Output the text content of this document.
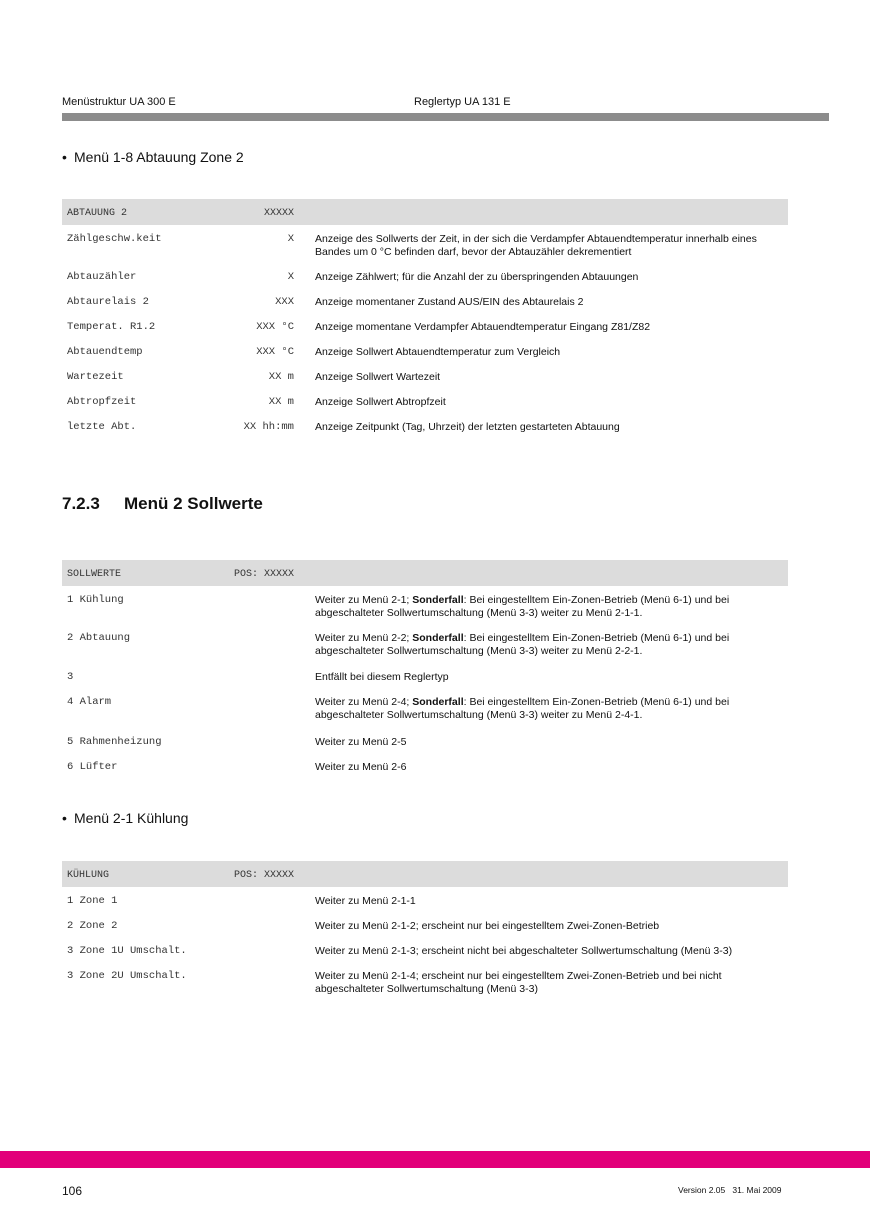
Menüstruktur UA 300 E	Reglertyp UA 131 E
• Menü 1-8 Abtauung Zone 2
ABTAUUNG 2	XXXXX
Zählgeschw.keit	X Anzeige des Sollwerts der Zeit, in der sich die Verdampfer Abtauendtemperatur innerhalb eines Bandes um 0 °C befinden darf, bevor der Abtauzähler dekrementiert
Abtauzähler	X Anzeige Zählwert; für die Anzahl der zu überspringenden Abtauungen
Abtaurelais 2	XXX Anzeige momentaner Zustand AUS/EIN des Abtaurelais 2
Temperat. R1.2	XXX °C Anzeige momentane Verdampfer Abtauendtemperatur Eingang Z81/Z82
Abtauendtemp	XXX °C Anzeige Sollwert Abtauendtemperatur zum Vergleich
Wartezeit	XX m Anzeige Sollwert Wartezeit
Abtropfzeit	XX m Anzeige Sollwert Abtropfzeit
letzte Abt.	XX hh:mm Anzeige Zeitpunkt (Tag, Uhrzeit) der letzten gestarteten Abtauung
7.2.3 Menü 2 Sollwerte
SOLLWERTE	POS: XXXXX
1 Kühlung	Weiter zu Menü 2-1; Sonderfall: Bei eingestelltem Ein-Zonen-Betrieb (Menü 6-1) und bei abgeschalteter Sollwertumschaltung (Menü 3-3) weiter zu Menü 2-1-1.
2 Abtauung	Weiter zu Menü 2-2; Sonderfall: Bei eingestelltem Ein-Zonen-Betrieb (Menü 6-1) und bei abgeschalteter Sollwertumschaltung (Menü 3-3) weiter zu Menü 2-2-1.
3	Entfällt bei diesem Reglertyp
4 Alarm	Weiter zu Menü 2-4; Sonderfall: Bei eingestelltem Ein-Zonen-Betrieb (Menü 6-1) und bei abgeschalteter Sollwertumschaltung (Menü 3-3) weiter zu Menü 2-4-1.
5 Rahmenheizung	Weiter zu Menü 2-5
6 Lüfter	Weiter zu Menü 2-6
• Menü 2-1 Kühlung
KÜHLUNG	POS: XXXXX
1 Zone 1	Weiter zu Menü 2-1-1
2 Zone 2	Weiter zu Menü 2-1-2; erscheint nur bei eingestelltem Zwei-Zonen-Betrieb
3 Zone 1U Umschalt.	Weiter zu Menü 2-1-3; erscheint nicht bei abgeschalteter Sollwertumschaltung (Menü 3-3)
3 Zone 2U Umschalt.	Weiter zu Menü 2-1-4; erscheint nur bei eingestelltem Zwei-Zonen-Betrieb und bei nicht abgeschalteter Sollwertumschaltung (Menü 3-3)
106	Version 2.05   31. Mai 2009
